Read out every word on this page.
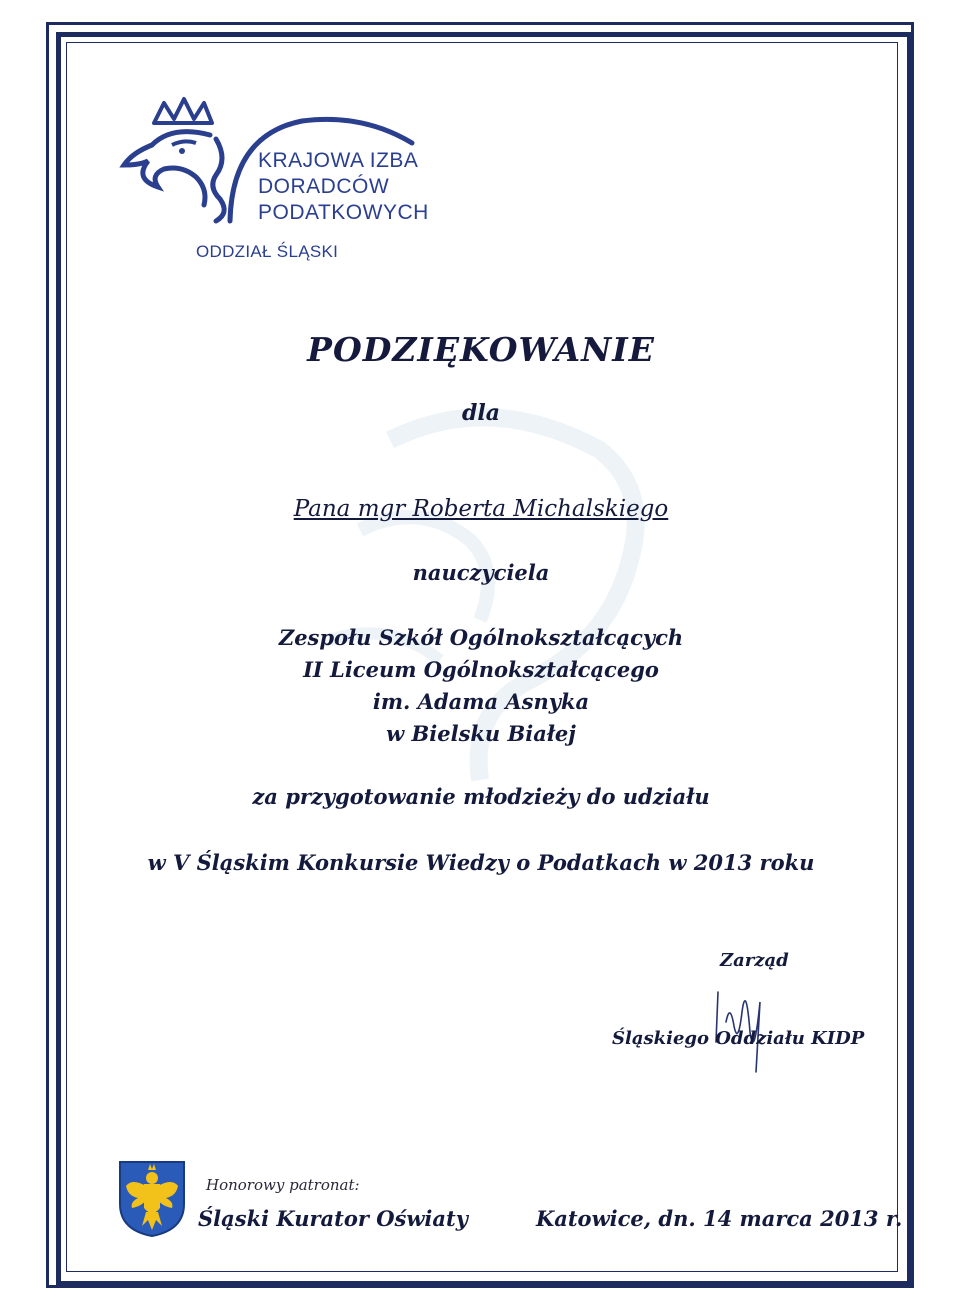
KRAJOWA IZBA
DORADCÓW
PODATKOWYCH
ODDZIAŁ ŚLĄSKI
PODZIĘKOWANIE
dla
Pana mgr Roberta Michalskiego
nauczyciela
Zespołu Szkół Ogólnokształcących
II Liceum Ogólnokształcącego
im. Adama Asnyka
w Bielsku Białej
za przygotowanie młodzieży do udziału
w V Śląskim Konkursie Wiedzy o Podatkach w 2013 roku
Zarząd
Śląskiego Oddziału KIDP
Honorowy patronat:
Śląski Kurator Oświaty	Katowice, dn. 14 marca 2013 r.
